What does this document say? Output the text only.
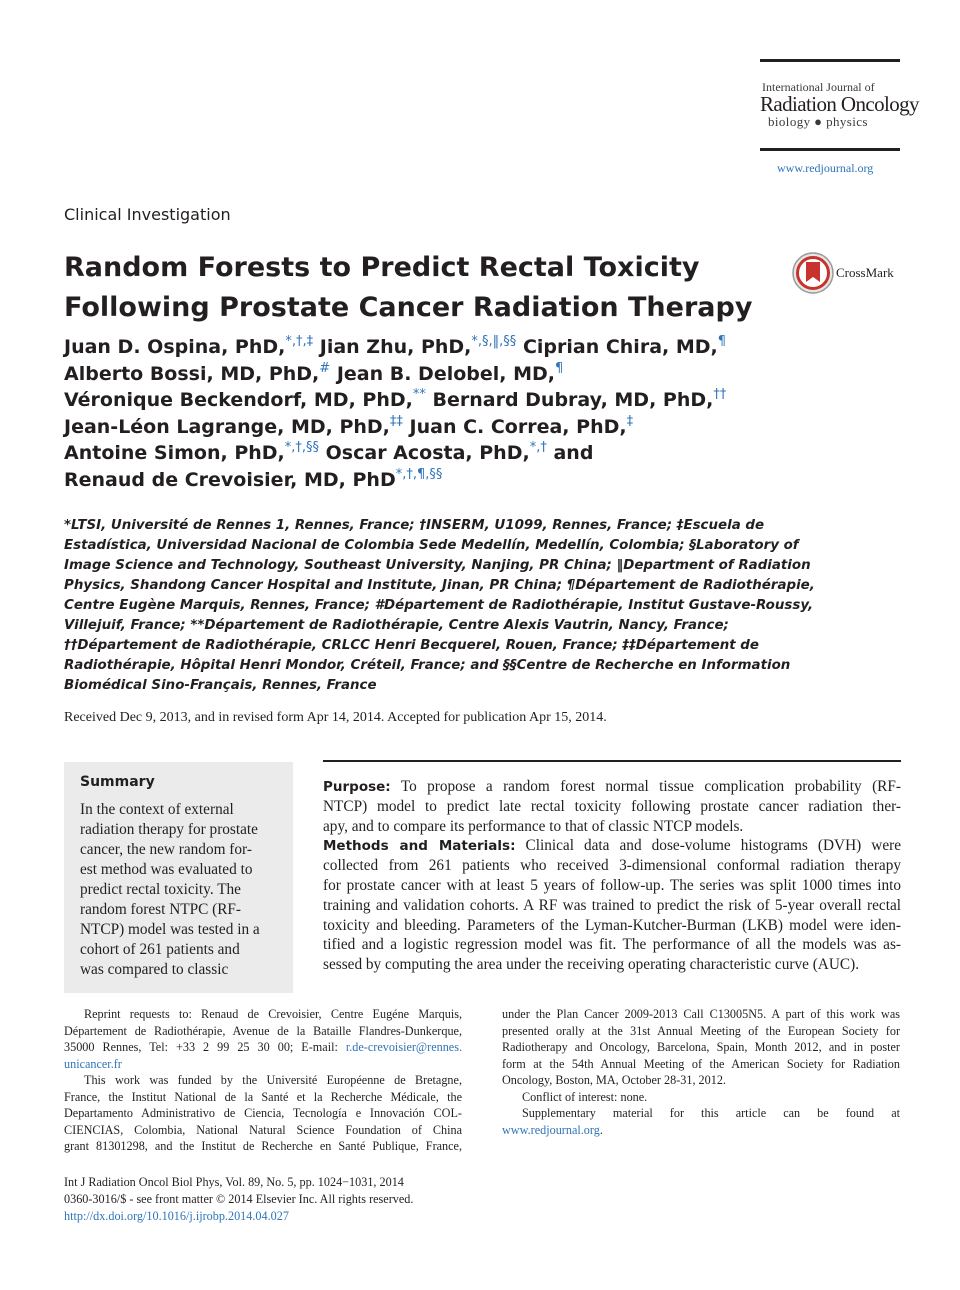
International Journal of
Radiation Oncology
biology ● physics
www.redjournal.org
Clinical Investigation
Random Forests to Predict Rectal Toxicity
Following Prostate Cancer Radiation Therapy
CrossMark
Juan D. Ospina, PhD,*,†,‡ Jian Zhu, PhD,*,§,‖,§§ Ciprian Chira, MD,¶
Alberto Bossi, MD, PhD,# Jean B. Delobel, MD,¶
Véronique Beckendorf, MD, PhD,** Bernard Dubray, MD, PhD,††
Jean-Léon Lagrange, MD, PhD,‡‡ Juan C. Correa, PhD,‡
Antoine Simon, PhD,*,†,§§ Oscar Acosta, PhD,*,† and
Renaud de Crevoisier, MD, PhD*,†,¶,§§
*LTSI, Université de Rennes 1, Rennes, France; †INSERM, U1099, Rennes, France; ‡Escuela de
Estadística, Universidad Nacional de Colombia Sede Medellín, Medellín, Colombia; §Laboratory of
Image Science and Technology, Southeast University, Nanjing, PR China; ‖Department of Radiation
Physics, Shandong Cancer Hospital and Institute, Jinan, PR China; ¶Département de Radiothérapie,
Centre Eugène Marquis, Rennes, France; #Département de Radiothérapie, Institut Gustave-Roussy,
Villejuif, France; **Département de Radiothérapie, Centre Alexis Vautrin, Nancy, France;
††Département de Radiothérapie, CRLCC Henri Becquerel, Rouen, France; ‡‡Département de
Radiothérapie, Hôpital Henri Mondor, Créteil, France; and §§Centre de Recherche en Information
Biomédical Sino-Français, Rennes, France
Received Dec 9, 2013, and in revised form Apr 14, 2014. Accepted for publication Apr 15, 2014.
Summary
In the context of external
radiation therapy for prostate
cancer, the new random for-
est method was evaluated to
predict rectal toxicity. The
random forest NTPC (RF-
NTCP) model was tested in a
cohort of 261 patients and
was compared to classic
Purpose: To propose a random forest normal tissue complication probability (RF-
NTCP) model to predict late rectal toxicity following prostate cancer radiation ther-
apy, and to compare its performance to that of classic NTCP models.
Methods and Materials: Clinical data and dose-volume histograms (DVH) were
collected from 261 patients who received 3-dimensional conformal radiation therapy
for prostate cancer with at least 5 years of follow-up. The series was split 1000 times into
training and validation cohorts. A RF was trained to predict the risk of 5-year overall rectal
toxicity and bleeding. Parameters of the Lyman-Kutcher-Burman (LKB) model were iden-
tified and a logistic regression model was fit. The performance of all the models was as-
sessed by computing the area under the receiving operating characteristic curve (AUC).
Reprint requests to: Renaud de Crevoisier, Centre Eugéne Marquis,
Département de Radiothérapie, Avenue de la Bataille Flandres-Dunkerque,
35000 Rennes, Tel: +33 2 99 25 30 00; E-mail: r.de-crevoisier@rennes.
unicancer.fr
This work was funded by the Université Européenne de Bretagne,
France, the Institut National de la Santé et la Recherche Médicale, the
Departamento Administrativo de Ciencia, Tecnología e Innovación COL-
CIENCIAS, Colombia, National Natural Science Foundation of China
grant 81301298, and the Institut de Recherche en Santé Publique, France,
under the Plan Cancer 2009-2013 Call C13005N5. A part of this work was
presented orally at the 31st Annual Meeting of the European Society for
Radiotherapy and Oncology, Barcelona, Spain, Month 2012, and in poster
form at the 54th Annual Meeting of the American Society for Radiation
Oncology, Boston, MA, October 28-31, 2012.
Conflict of interest: none.
Supplementary material for this article can be found at
www.redjournal.org.
Int J Radiation Oncol Biol Phys, Vol. 89, No. 5, pp. 1024−1031, 2014
0360-3016/$ - see front matter © 2014 Elsevier Inc. All rights reserved.
http://dx.doi.org/10.1016/j.ijrobp.2014.04.027
